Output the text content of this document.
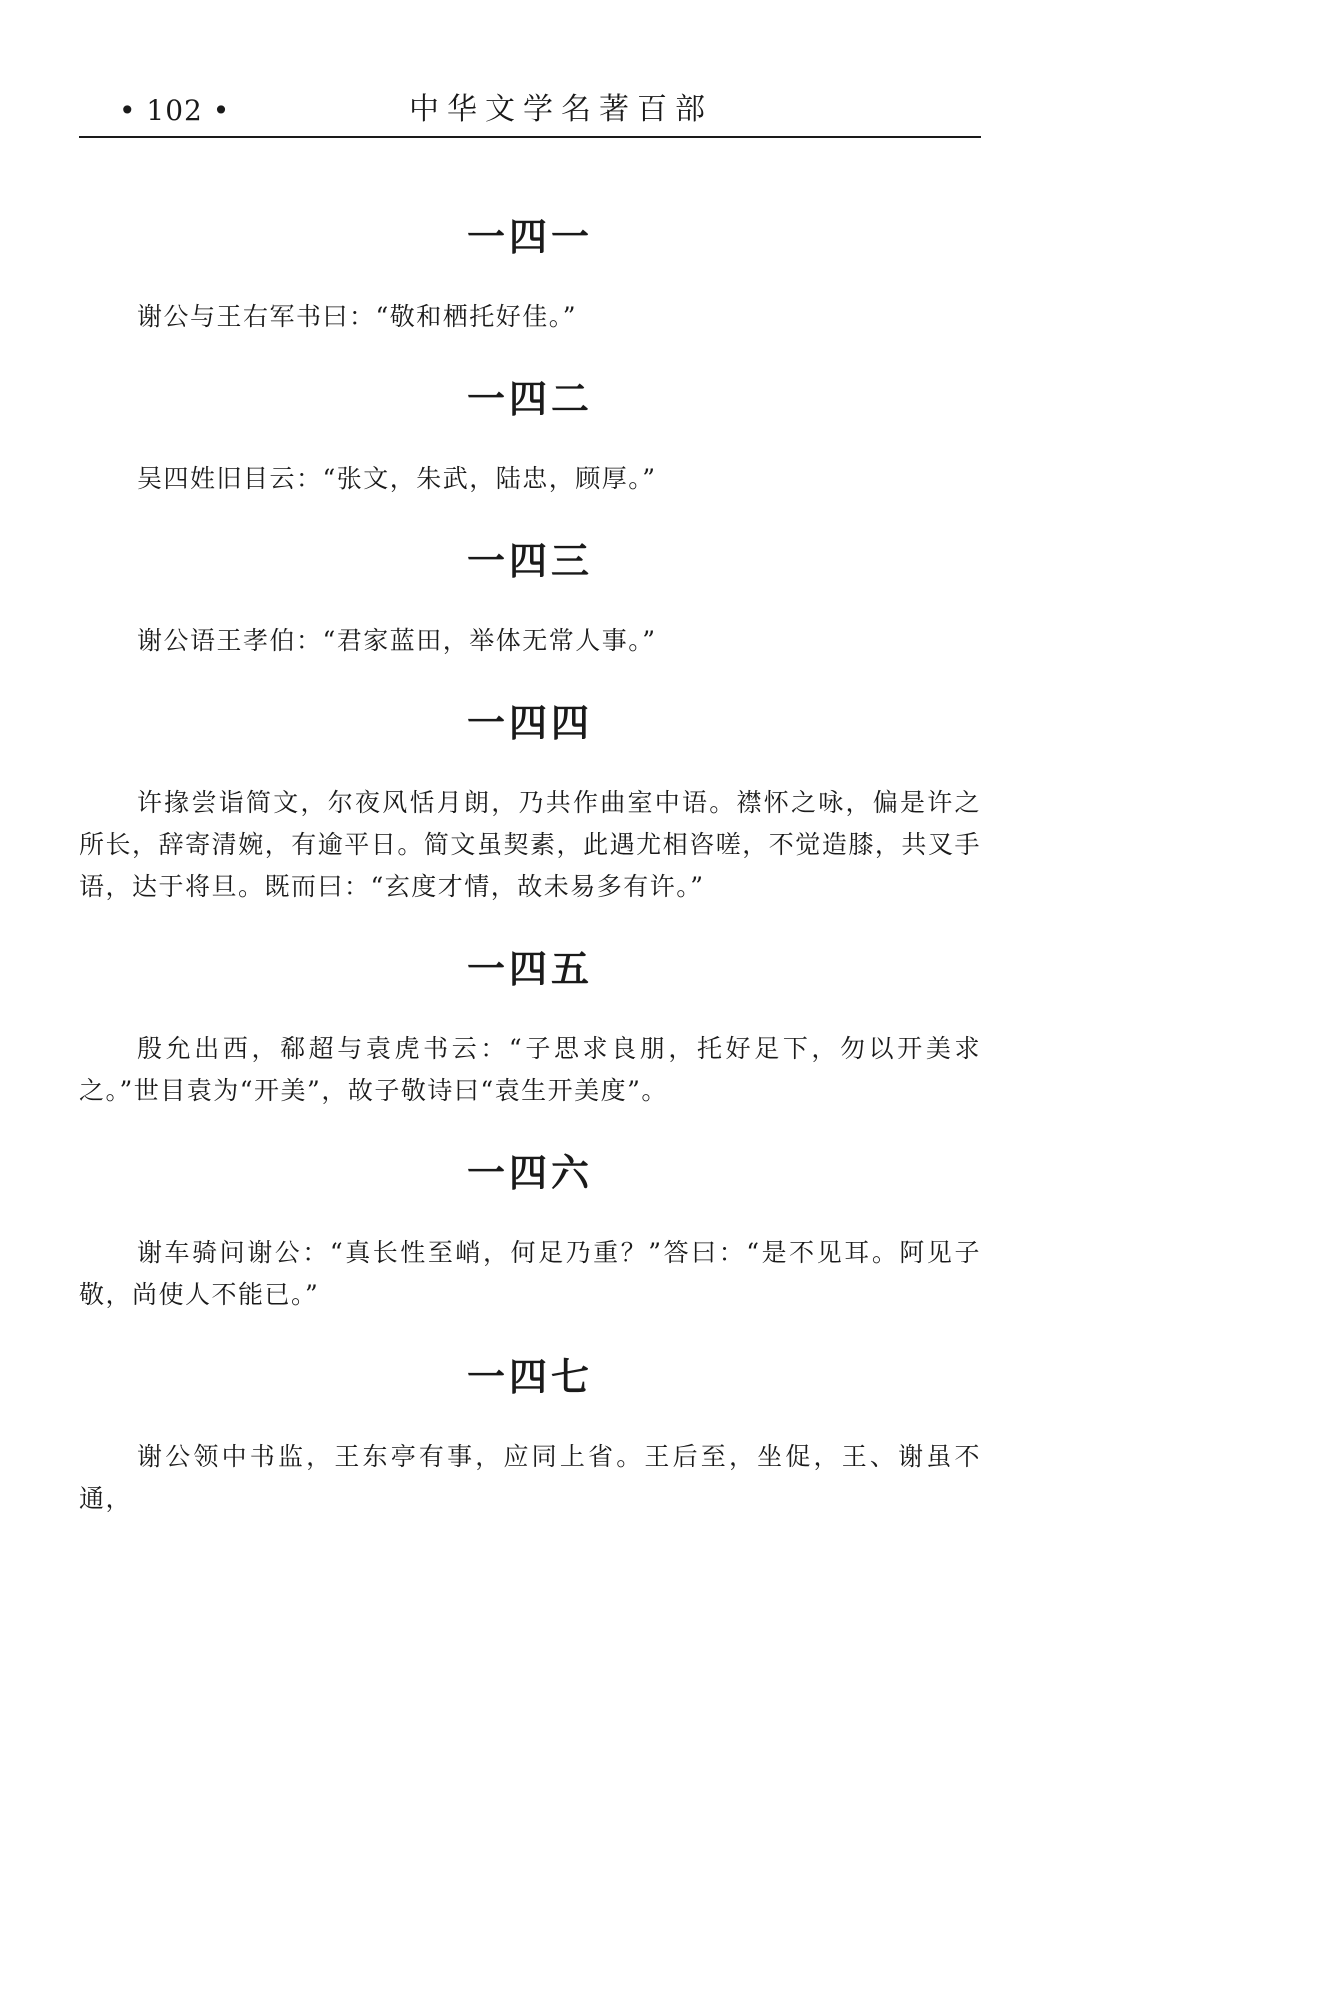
• 102 •	中华文学名著百部
一四一

谢公与王右军书曰：“敬和栖托好佳。”

一四二

吴四姓旧目云：“张文，朱武，陆忠，顾厚。”

一四三

谢公语王孝伯：“君家蓝田，举体无常人事。”

一四四

许掾尝诣简文，尔夜风恬月朗，乃共作曲室中语。襟怀之咏，偏是许之所长，辞寄清婉，有逾平日。简文虽契素，此遇尤相咨嗟，不觉造膝，共叉手语，达于将旦。既而曰：“玄度才情，故未易多有许。”

一四五

殷允出西，郗超与袁虎书云：“子思求良朋，托好足下，勿以开美求之。”世目袁为“开美”，故子敬诗曰“袁生开美度”。

一四六

谢车骑问谢公：“真长性至峭，何足乃重？”答曰：“是不见耳。阿见子敬，尚使人不能已。”

一四七

谢公领中书监，王东亭有事，应同上省。王后至，坐促，王、谢虽不通，
